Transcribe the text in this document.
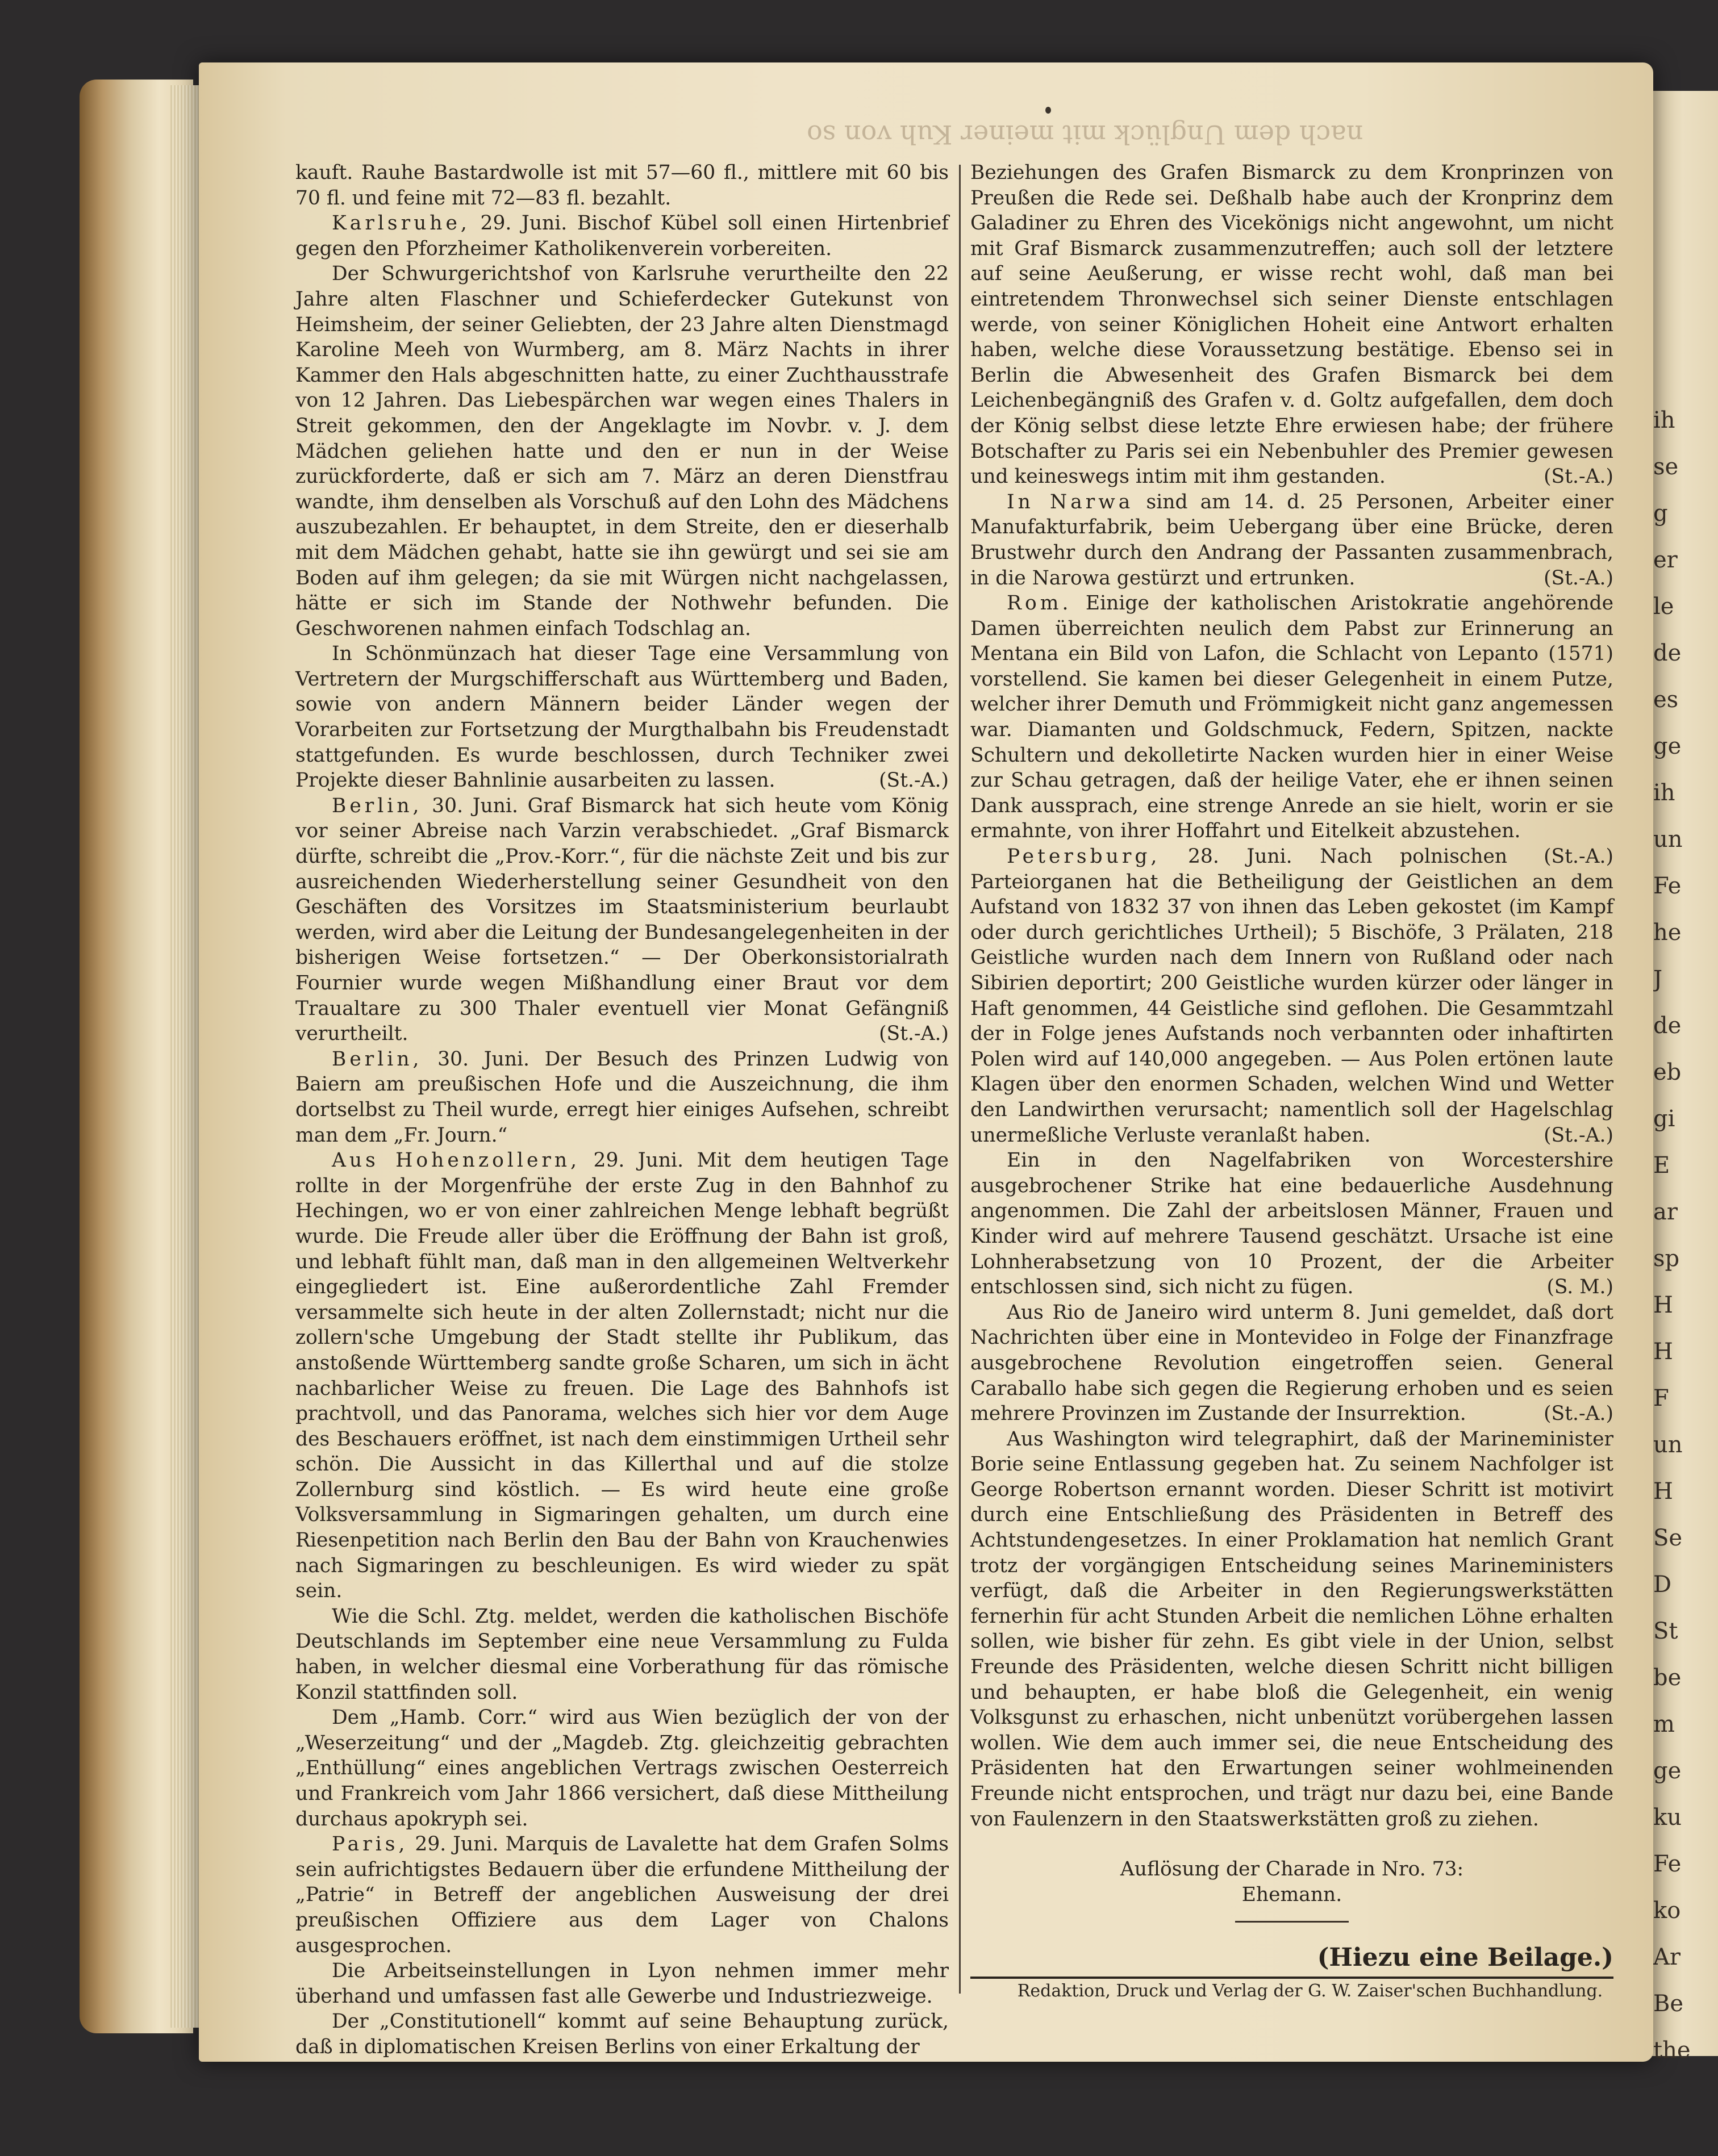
ih
se
g
er
le
de
es
ge
ih
un
Fe
he
J
de
eb
gi
E
ar
sp
H
H
F
un
H
Se
D
St
be
m
ge
ku
Fe
ko
Ar
Be
the
nach dem Unglück mit meiner Kuh von so

kauft. Rauhe Bastardwolle ist mit 57—60 fl., mittlere mit 60 bis 70 fl. und feine mit 72—83 fl. bezahlt.

Karlsruhe, 29. Juni. Bischof Kübel soll einen Hirtenbrief gegen den Pforzheimer Katholikenverein vorbereiten.

Der Schwurgerichtshof von Karlsruhe verurtheilte den 22 Jahre alten Flaschner und Schieferdecker Gutekunst von Heimsheim, der seiner Geliebten, der 23 Jahre alten Dienstmagd Karoline Meeh von Wurmberg, am 8. März Nachts in ihrer Kammer den Hals abgeschnitten hatte, zu einer Zuchthausstrafe von 12 Jahren. Das Liebespärchen war wegen eines Thalers in Streit gekommen, den der Angeklagte im Novbr. v. J. dem Mädchen geliehen hatte und den er nun in der Weise zurückforderte, daß er sich am 7. März an deren Dienstfrau wandte, ihm denselben als Vorschuß auf den Lohn des Mädchens auszubezahlen. Er behauptet, in dem Streite, den er dieserhalb mit dem Mädchen gehabt, hatte sie ihn gewürgt und sei sie am Boden auf ihm gelegen; da sie mit Würgen nicht nachgelassen, hätte er sich im Stande der Nothwehr befunden. Die Geschworenen nahmen einfach Todschlag an.

In Schönmünzach hat dieser Tage eine Versammlung von Vertretern der Murgschifferschaft aus Württemberg und Baden, sowie von andern Männern beider Länder wegen der Vorarbeiten zur Fortsetzung der Murgthalbahn bis Freudenstadt stattgefunden. Es wurde beschlossen, durch Techniker zwei Projekte dieser Bahnlinie ausarbeiten zu lassen.	(St.-A.)

Berlin, 30. Juni. Graf Bismarck hat sich heute vom König vor seiner Abreise nach Varzin verabschiedet. „Graf Bismarck dürfte, schreibt die „Prov.-Korr.“, für die nächste Zeit und bis zur ausreichenden Wiederherstellung seiner Gesundheit von den Geschäften des Vorsitzes im Staatsministerium beurlaubt werden, wird aber die Leitung der Bundesangelegenheiten in der bisherigen Weise fortsetzen.“ — Der Oberkonsistorialrath Fournier wurde wegen Mißhandlung einer Braut vor dem Traualtare zu 300 Thaler eventuell vier Monat Gefängniß verurtheilt.	(St.-A.)

Berlin, 30. Juni. Der Besuch des Prinzen Ludwig von Baiern am preußischen Hofe und die Auszeichnung, die ihm dortselbst zu Theil wurde, erregt hier einiges Aufsehen, schreibt man dem „Fr. Journ.“

Aus Hohenzollern, 29. Juni. Mit dem heutigen Tage rollte in der Morgenfrühe der erste Zug in den Bahnhof zu Hechingen, wo er von einer zahlreichen Menge lebhaft begrüßt wurde. Die Freude aller über die Eröffnung der Bahn ist groß, und lebhaft fühlt man, daß man in den allgemeinen Weltverkehr eingegliedert ist. Eine außerordentliche Zahl Fremder versammelte sich heute in der alten Zollernstadt; nicht nur die zollern'sche Umgebung der Stadt stellte ihr Publikum, das anstoßende Württemberg sandte große Scharen, um sich in ächt nachbarlicher Weise zu freuen. Die Lage des Bahnhofs ist prachtvoll, und das Panorama, welches sich hier vor dem Auge des Beschauers eröffnet, ist nach dem einstimmigen Urtheil sehr schön. Die Aussicht in das Killerthal und auf die stolze Zollernburg sind köstlich. — Es wird heute eine große Volksversammlung in Sigmaringen gehalten, um durch eine Riesenpetition nach Berlin den Bau der Bahn von Krauchenwies nach Sigmaringen zu beschleunigen. Es wird wieder zu spät sein.

Wie die Schl. Ztg. meldet, werden die katholischen Bischöfe Deutschlands im September eine neue Versammlung zu Fulda haben, in welcher diesmal eine Vorberathung für das römische Konzil stattfinden soll.

Dem „Hamb. Corr.“ wird aus Wien bezüglich der von der „Weserzeitung“ und der „Magdeb. Ztg. gleichzeitig gebrachten „Enthüllung“ eines angeblichen Vertrags zwischen Oesterreich und Frankreich vom Jahr 1866 versichert, daß diese Mittheilung durchaus apokryph sei.

Paris, 29. Juni. Marquis de Lavalette hat dem Grafen Solms sein aufrichtigstes Bedauern über die erfundene Mittheilung der „Patrie“ in Betreff der angeblichen Ausweisung der drei preußischen Offiziere aus dem Lager von Chalons ausgesprochen.

Die Arbeitseinstellungen in Lyon nehmen immer mehr überhand und umfassen fast alle Gewerbe und Industriezweige.

Der „Constitutionell“ kommt auf seine Behauptung zurück, daß in diplomatischen Kreisen Berlins von einer Erkaltung der

Beziehungen des Grafen Bismarck zu dem Kronprinzen von Preußen die Rede sei. Deßhalb habe auch der Kronprinz dem Galadiner zu Ehren des Vicekönigs nicht angewohnt, um nicht mit Graf Bismarck zusammenzutreffen; auch soll der letztere auf seine Aeußerung, er wisse recht wohl, daß man bei eintretendem Thronwechsel sich seiner Dienste entschlagen werde, von seiner Königlichen Hoheit eine Antwort erhalten haben, welche diese Voraussetzung bestätige. Ebenso sei in Berlin die Abwesenheit des Grafen Bismarck bei dem Leichenbegängniß des Grafen v. d. Goltz aufgefallen, dem doch der König selbst diese letzte Ehre erwiesen habe; der frühere Botschafter zu Paris sei ein Nebenbuhler des Premier gewesen und keineswegs intim mit ihm gestanden.	(St.-A.)

In Narwa sind am 14. d. 25 Personen, Arbeiter einer Manufakturfabrik, beim Uebergang über eine Brücke, deren Brustwehr durch den Andrang der Passanten zusammenbrach, in die Narowa gestürzt und ertrunken.	(St.-A.)

Rom. Einige der katholischen Aristokratie angehörende Damen überreichten neulich dem Pabst zur Erinnerung an Mentana ein Bild von Lafon, die Schlacht von Lepanto (1571) vorstellend. Sie kamen bei dieser Gelegenheit in einem Putze, welcher ihrer Demuth und Frömmigkeit nicht ganz angemessen war. Diamanten und Goldschmuck, Federn, Spitzen, nackte Schultern und dekolletirte Nacken wurden hier in einer Weise zur Schau getragen, daß der heilige Vater, ehe er ihnen seinen Dank aussprach, eine strenge Anrede an sie hielt, worin er sie ermahnte, von ihrer Hoffahrt und Eitelkeit abzustehen.
(St.-A.)

Petersburg, 28. Juni. Nach polnischen Parteiorganen hat die Betheiligung der Geistlichen an dem Aufstand von 1832 37 von ihnen das Leben gekostet (im Kampf oder durch gerichtliches Urtheil); 5 Bischöfe, 3 Prälaten, 218 Geistliche wurden nach dem Innern von Rußland oder nach Sibirien deportirt; 200 Geistliche wurden kürzer oder länger in Haft genommen, 44 Geistliche sind geflohen. Die Gesammtzahl der in Folge jenes Aufstands noch verbannten oder inhaftirten Polen wird auf 140,000 angegeben. — Aus Polen ertönen laute Klagen über den enormen Schaden, welchen Wind und Wetter den Landwirthen verursacht; namentlich soll der Hagelschlag unermeßliche Verluste veranlaßt haben.	(St.-A.)

Ein in den Nagelfabriken von Worcestershire ausgebrochener Strike hat eine bedauerliche Ausdehnung angenommen. Die Zahl der arbeitslosen Männer, Frauen und Kinder wird auf mehrere Tausend geschätzt. Ursache ist eine Lohnherabsetzung von 10 Prozent, der die Arbeiter entschlossen sind, sich nicht zu fügen.	(S. M.)

Aus Rio de Janeiro wird unterm 8. Juni gemeldet, daß dort Nachrichten über eine in Montevideo in Folge der Finanzfrage ausgebrochene Revolution eingetroffen seien. General Caraballo habe sich gegen die Regierung erhoben und es seien mehrere Provinzen im Zustande der Insurrektion.	(St.-A.)

Aus Washington wird telegraphirt, daß der Marineminister Borie seine Entlassung gegeben hat. Zu seinem Nachfolger ist George Robertson ernannt worden. Dieser Schritt ist motivirt durch eine Entschließung des Präsidenten in Betreff des Achtstundengesetzes. In einer Proklamation hat nemlich Grant trotz der vorgängigen Entscheidung seines Marineministers verfügt, daß die Arbeiter in den Regierungswerkstätten fernerhin für acht Stunden Arbeit die nemlichen Löhne erhalten sollen, wie bisher für zehn. Es gibt viele in der Union, selbst Freunde des Präsidenten, welche diesen Schritt nicht billigen und behaupten, er habe bloß die Gelegenheit, ein wenig Volksgunst zu erhaschen, nicht unbenützt vorübergehen lassen wollen. Wie dem auch immer sei, die neue Entscheidung des Präsidenten hat den Erwartungen seiner wohlmeinenden Freunde nicht entsprochen, und trägt nur dazu bei, eine Bande von Faulenzern in den Staatswerkstätten groß zu ziehen.

Auflösung der Charade in Nro. 73:

Ehemann.

(Hiezu eine Beilage.)

Redaktion, Druck und Verlag der G. W. Zaiser'schen Buchhandlung.
